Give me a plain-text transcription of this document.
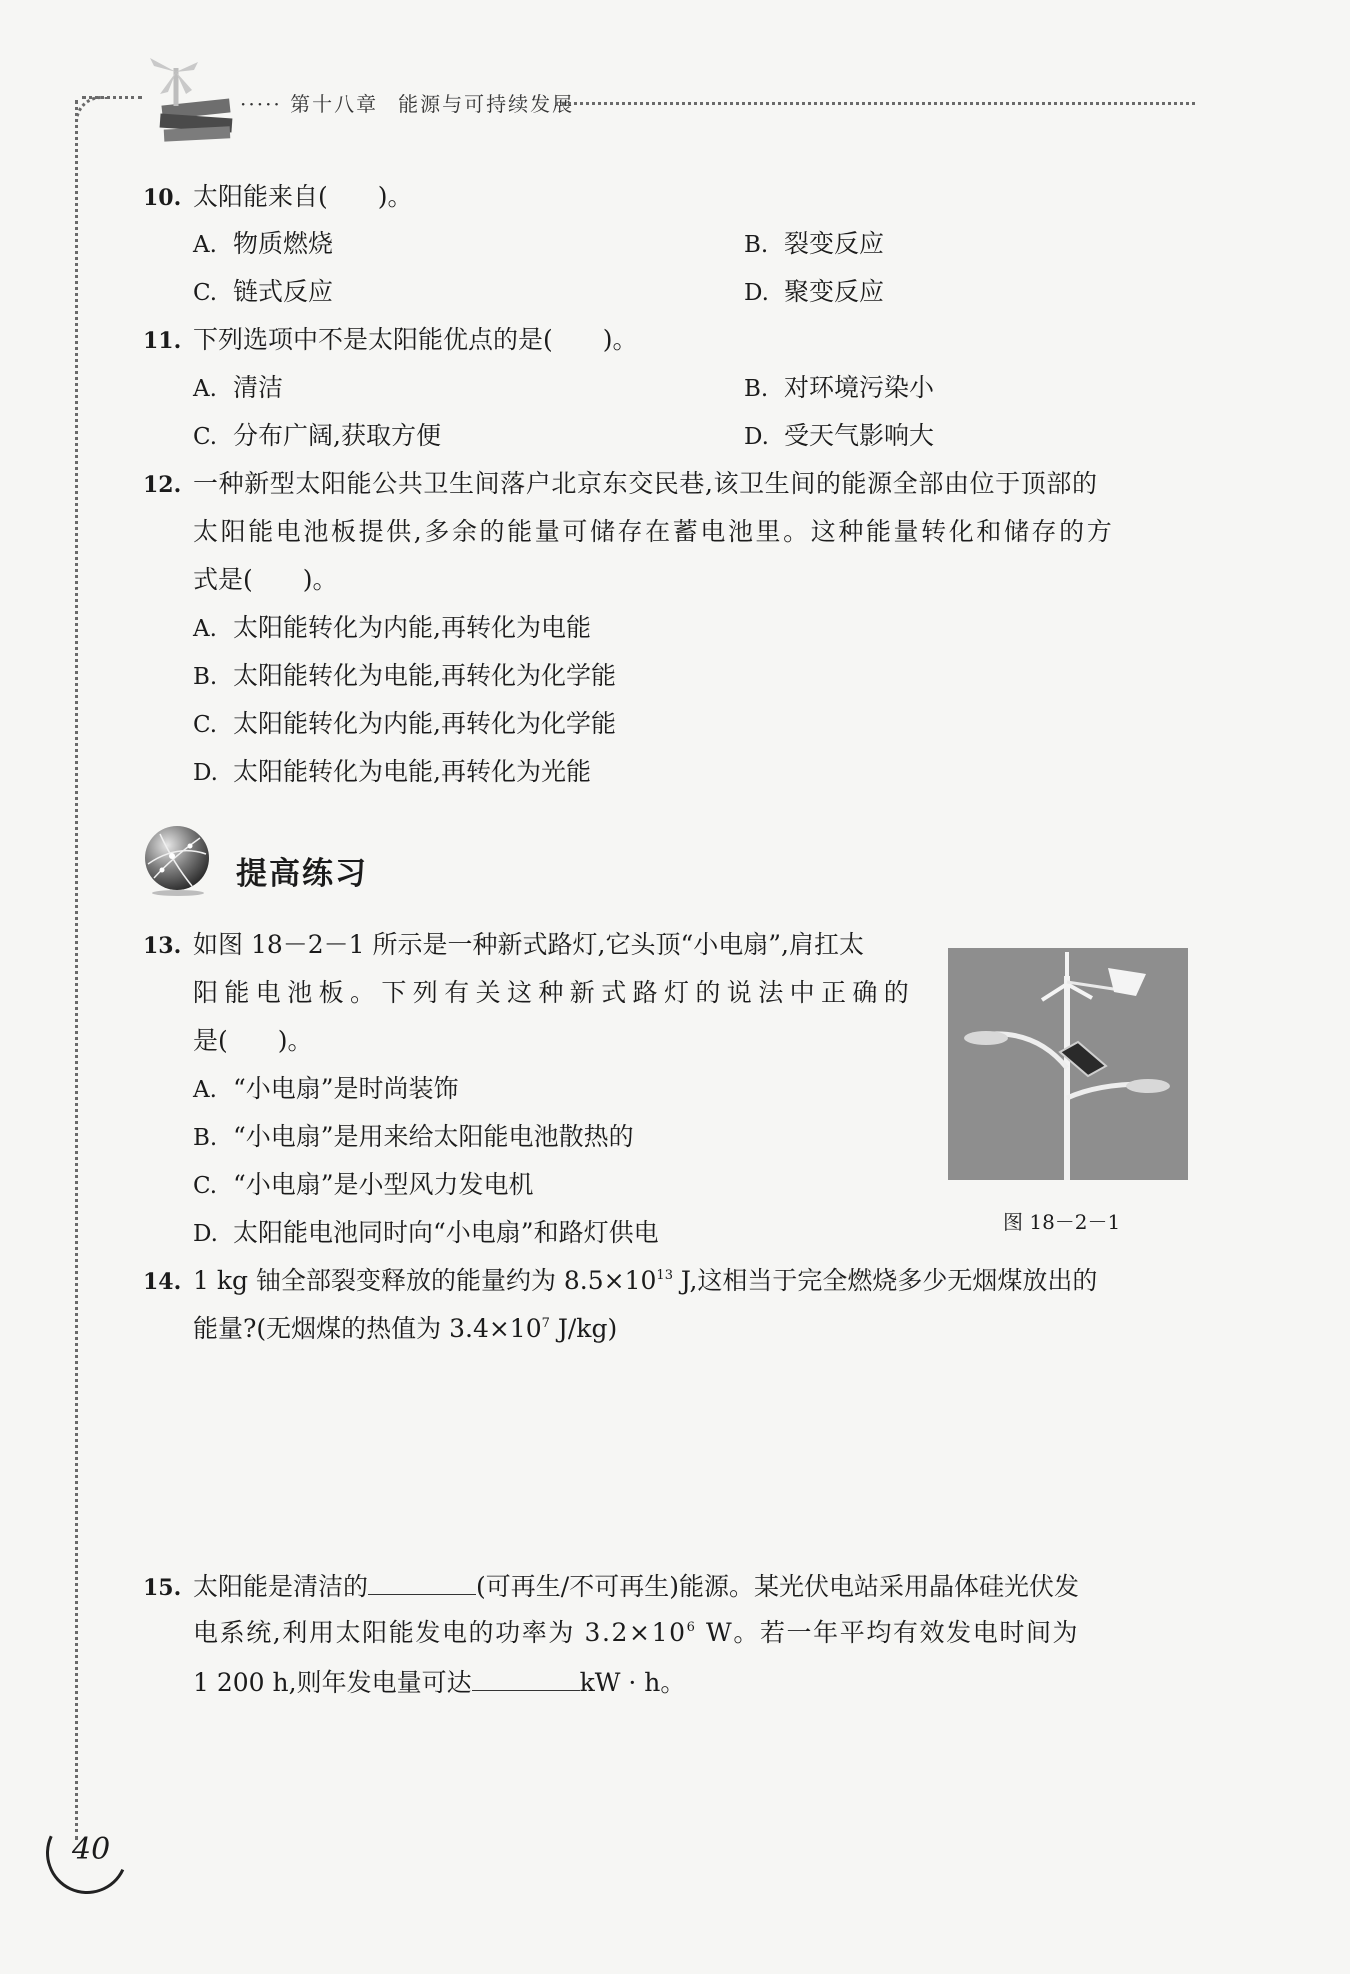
····· 第十八章 能源与可持续发展
10. 太阳能来自(　　)。
A. 物质燃烧	B. 裂变反应
C. 链式反应	D. 聚变反应
11. 下列选项中不是太阳能优点的是(　　)。
A. 清洁	B. 对环境污染小
C. 分布广阔,获取方便	D. 受天气影响大
12. 一种新型太阳能公共卫生间落户北京东交民巷,该卫生间的能源全部由位于顶部的
太阳能电池板提供,多余的能量可储存在蓄电池里。这种能量转化和储存的方
式是(　　)。
A. 太阳能转化为内能,再转化为电能
B. 太阳能转化为电能,再转化为化学能
C. 太阳能转化为内能,再转化为化学能
D. 太阳能转化为电能,再转化为光能
提高练习
13. 如图 18－2－1 所示是一种新式路灯,它头顶“小电扇”,肩扛太
阳能电池板。下列有关这种新式路灯的说法中正确的
是(　　)。
A. “小电扇”是时尚装饰
B. “小电扇”是用来给太阳能电池散热的
C. “小电扇”是小型风力发电机
D. 太阳能电池同时向“小电扇”和路灯供电	图 18－2－1
14. 1 kg 铀全部裂变释放的能量约为 $8.5\times 10^{13}$ J,这相当于完全燃烧多少无烟煤放出的
能量?(无烟煤的热值为 $3.4\times 10^7$ J/kg)
15. 太阳能是清洁的	(可再生/不可再生)能源。某光伏电站采用晶体硅光伏发
电系统,利用太阳能发电的功率为 $3.2\times 10^6$ W。若一年平均有效发电时间为
1 200 h,则年发电量可达	kW · h。
40
